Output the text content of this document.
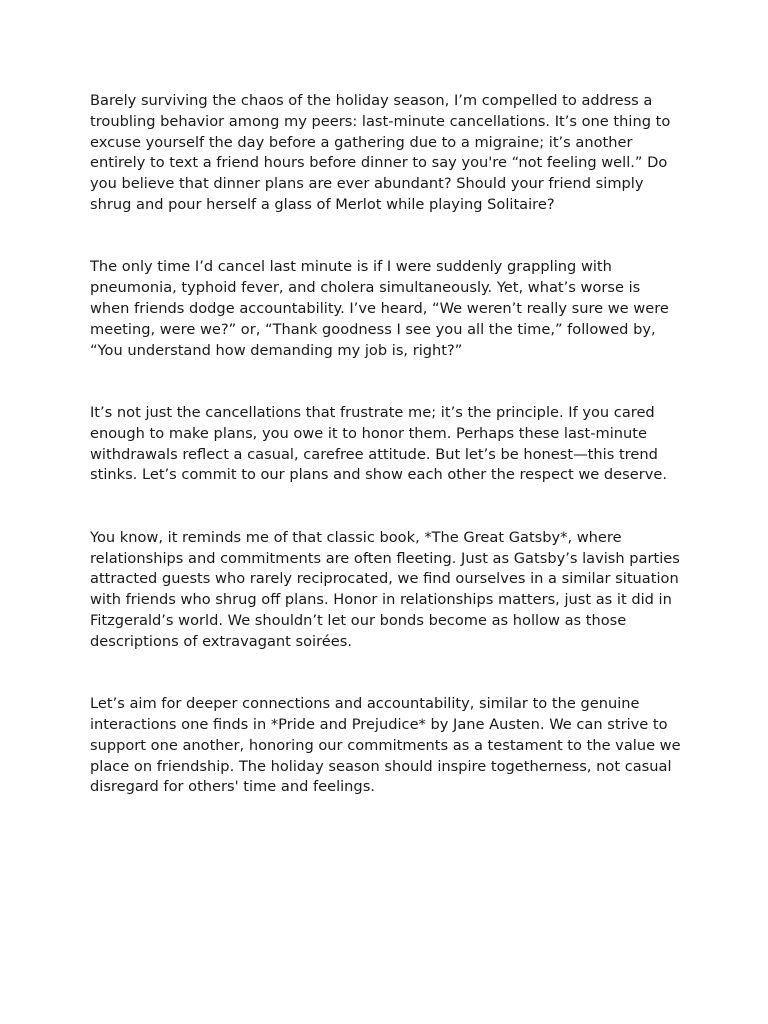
Barely surviving the chaos of the holiday season, I’m compelled to address a troubling behavior among my peers: last-minute cancellations. It’s one thing to excuse yourself the day before a gathering due to a migraine; it’s another entirely to text a friend hours before dinner to say you're “not feeling well.” Do you believe that dinner plans are ever abundant? Should your friend simply shrug and pour herself a glass of Merlot while playing Solitaire?

The only time I’d cancel last minute is if I were suddenly grappling with pneumonia, typhoid fever, and cholera simultaneously. Yet, what’s worse is when friends dodge accountability. I’ve heard, “We weren’t really sure we were meeting, were we?” or, “Thank goodness I see you all the time,” followed by, “You understand how demanding my job is, right?”

It’s not just the cancellations that frustrate me; it’s the principle. If you cared enough to make plans, you owe it to honor them. Perhaps these last-minute withdrawals reflect a casual, carefree attitude. But let’s be honest—this trend stinks. Let’s commit to our plans and show each other the respect we deserve.

You know, it reminds me of that classic book, *The Great Gatsby*, where relationships and commitments are often fleeting. Just as Gatsby’s lavish parties attracted guests who rarely reciprocated, we find ourselves in a similar situation with friends who shrug off plans. Honor in relationships matters, just as it did in Fitzgerald’s world. We shouldn’t let our bonds become as hollow as those descriptions of extravagant soirées.

Let’s aim for deeper connections and accountability, similar to the genuine interactions one finds in *Pride and Prejudice* by Jane Austen. We can strive to support one another, honoring our commitments as a testament to the value we place on friendship. The holiday season should inspire togetherness, not casual disregard for others' time and feelings.
